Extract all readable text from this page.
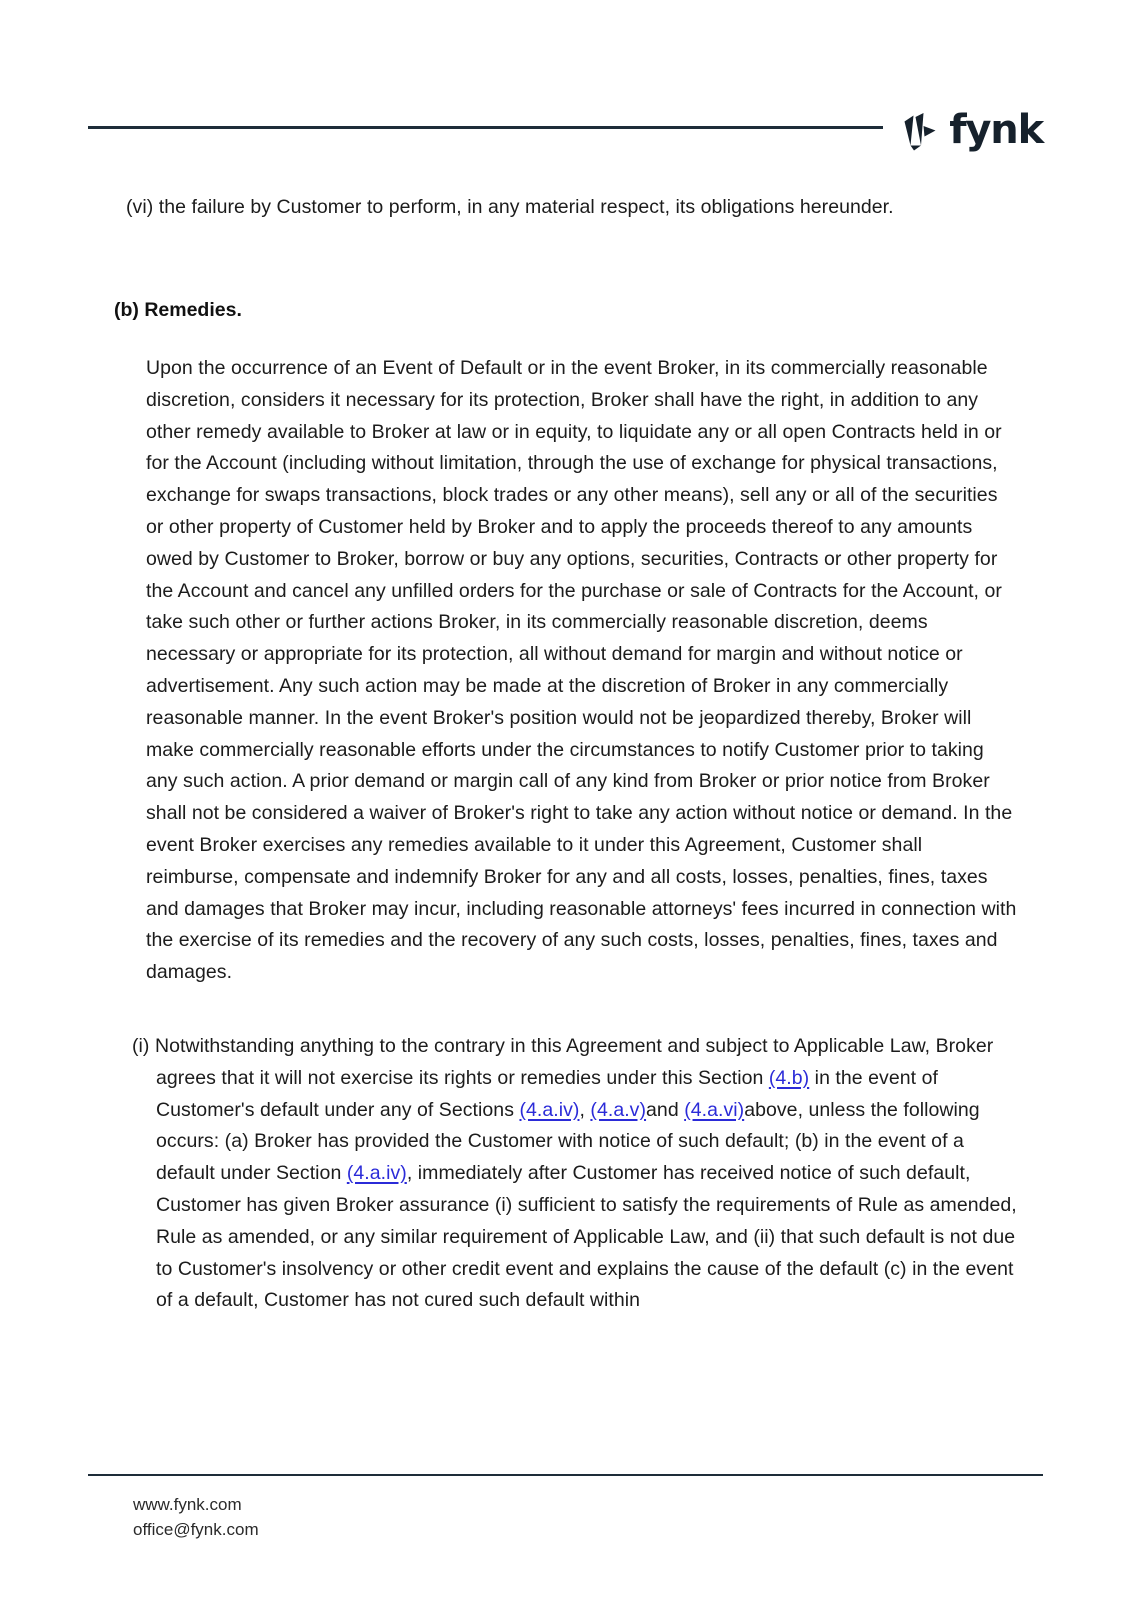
fynk

(vi) the failure by Customer to perform, in any material respect, its obligations hereunder.

(b) Remedies.

Upon the occurrence of an Event of Default or in the event Broker, in its commercially reasonable discretion, considers it necessary for its protection, Broker shall have the right, in addition to any other remedy available to Broker at law or in equity, to liquidate any or all open Contracts held in or for the Account (including without limitation, through the use of exchange for physical transactions, exchange for swaps transactions, block trades or any other means), sell any or all of the securities or other property of Customer held by Broker and to apply the proceeds thereof to any amounts owed by Customer to Broker, borrow or buy any options, securities, Contracts or other property for the Account and cancel any unfilled orders for the purchase or sale of Contracts for the Account, or take such other or further actions Broker, in its commercially reasonable discretion, deems necessary or appropriate for its protection, all without demand for margin and without notice or advertisement. Any such action may be made at the discretion of Broker in any commercially reasonable manner. In the event Broker's position would not be jeopardized thereby, Broker will make commercially reasonable efforts under the circumstances to notify Customer prior to taking any such action. A prior demand or margin call of any kind from Broker or prior notice from Broker shall not be considered a waiver of Broker's right to take any action without notice or demand. In the event Broker exercises any remedies available to it under this Agreement, Customer shall reimburse, compensate and indemnify Broker for any and all costs, losses, penalties, fines, taxes and damages that Broker may incur, including reasonable attorneys' fees incurred in connection with the exercise of its remedies and the recovery of any such costs, losses, penalties, fines, taxes and damages.

(i) Notwithstanding anything to the contrary in this Agreement and subject to Applicable Law, Broker agrees that it will not exercise its rights or remedies under this Section (4.b) in the event of Customer's default under any of Sections (4.a.iv), (4.a.v)and (4.a.vi)above, unless the following occurs: (a) Broker has provided the Customer with notice of such default; (b) in the event of a default under Section (4.a.iv), immediately after Customer has received notice of such default, Customer has given Broker assurance (i) sufficient to satisfy the requirements of Rule as amended, Rule as amended, or any similar requirement of Applicable Law, and (ii) that such default is not due to Customer's insolvency or other credit event and explains the cause of the default (c) in the event of a default, Customer has not cured such default within

www.fynk.com
office@fynk.com
